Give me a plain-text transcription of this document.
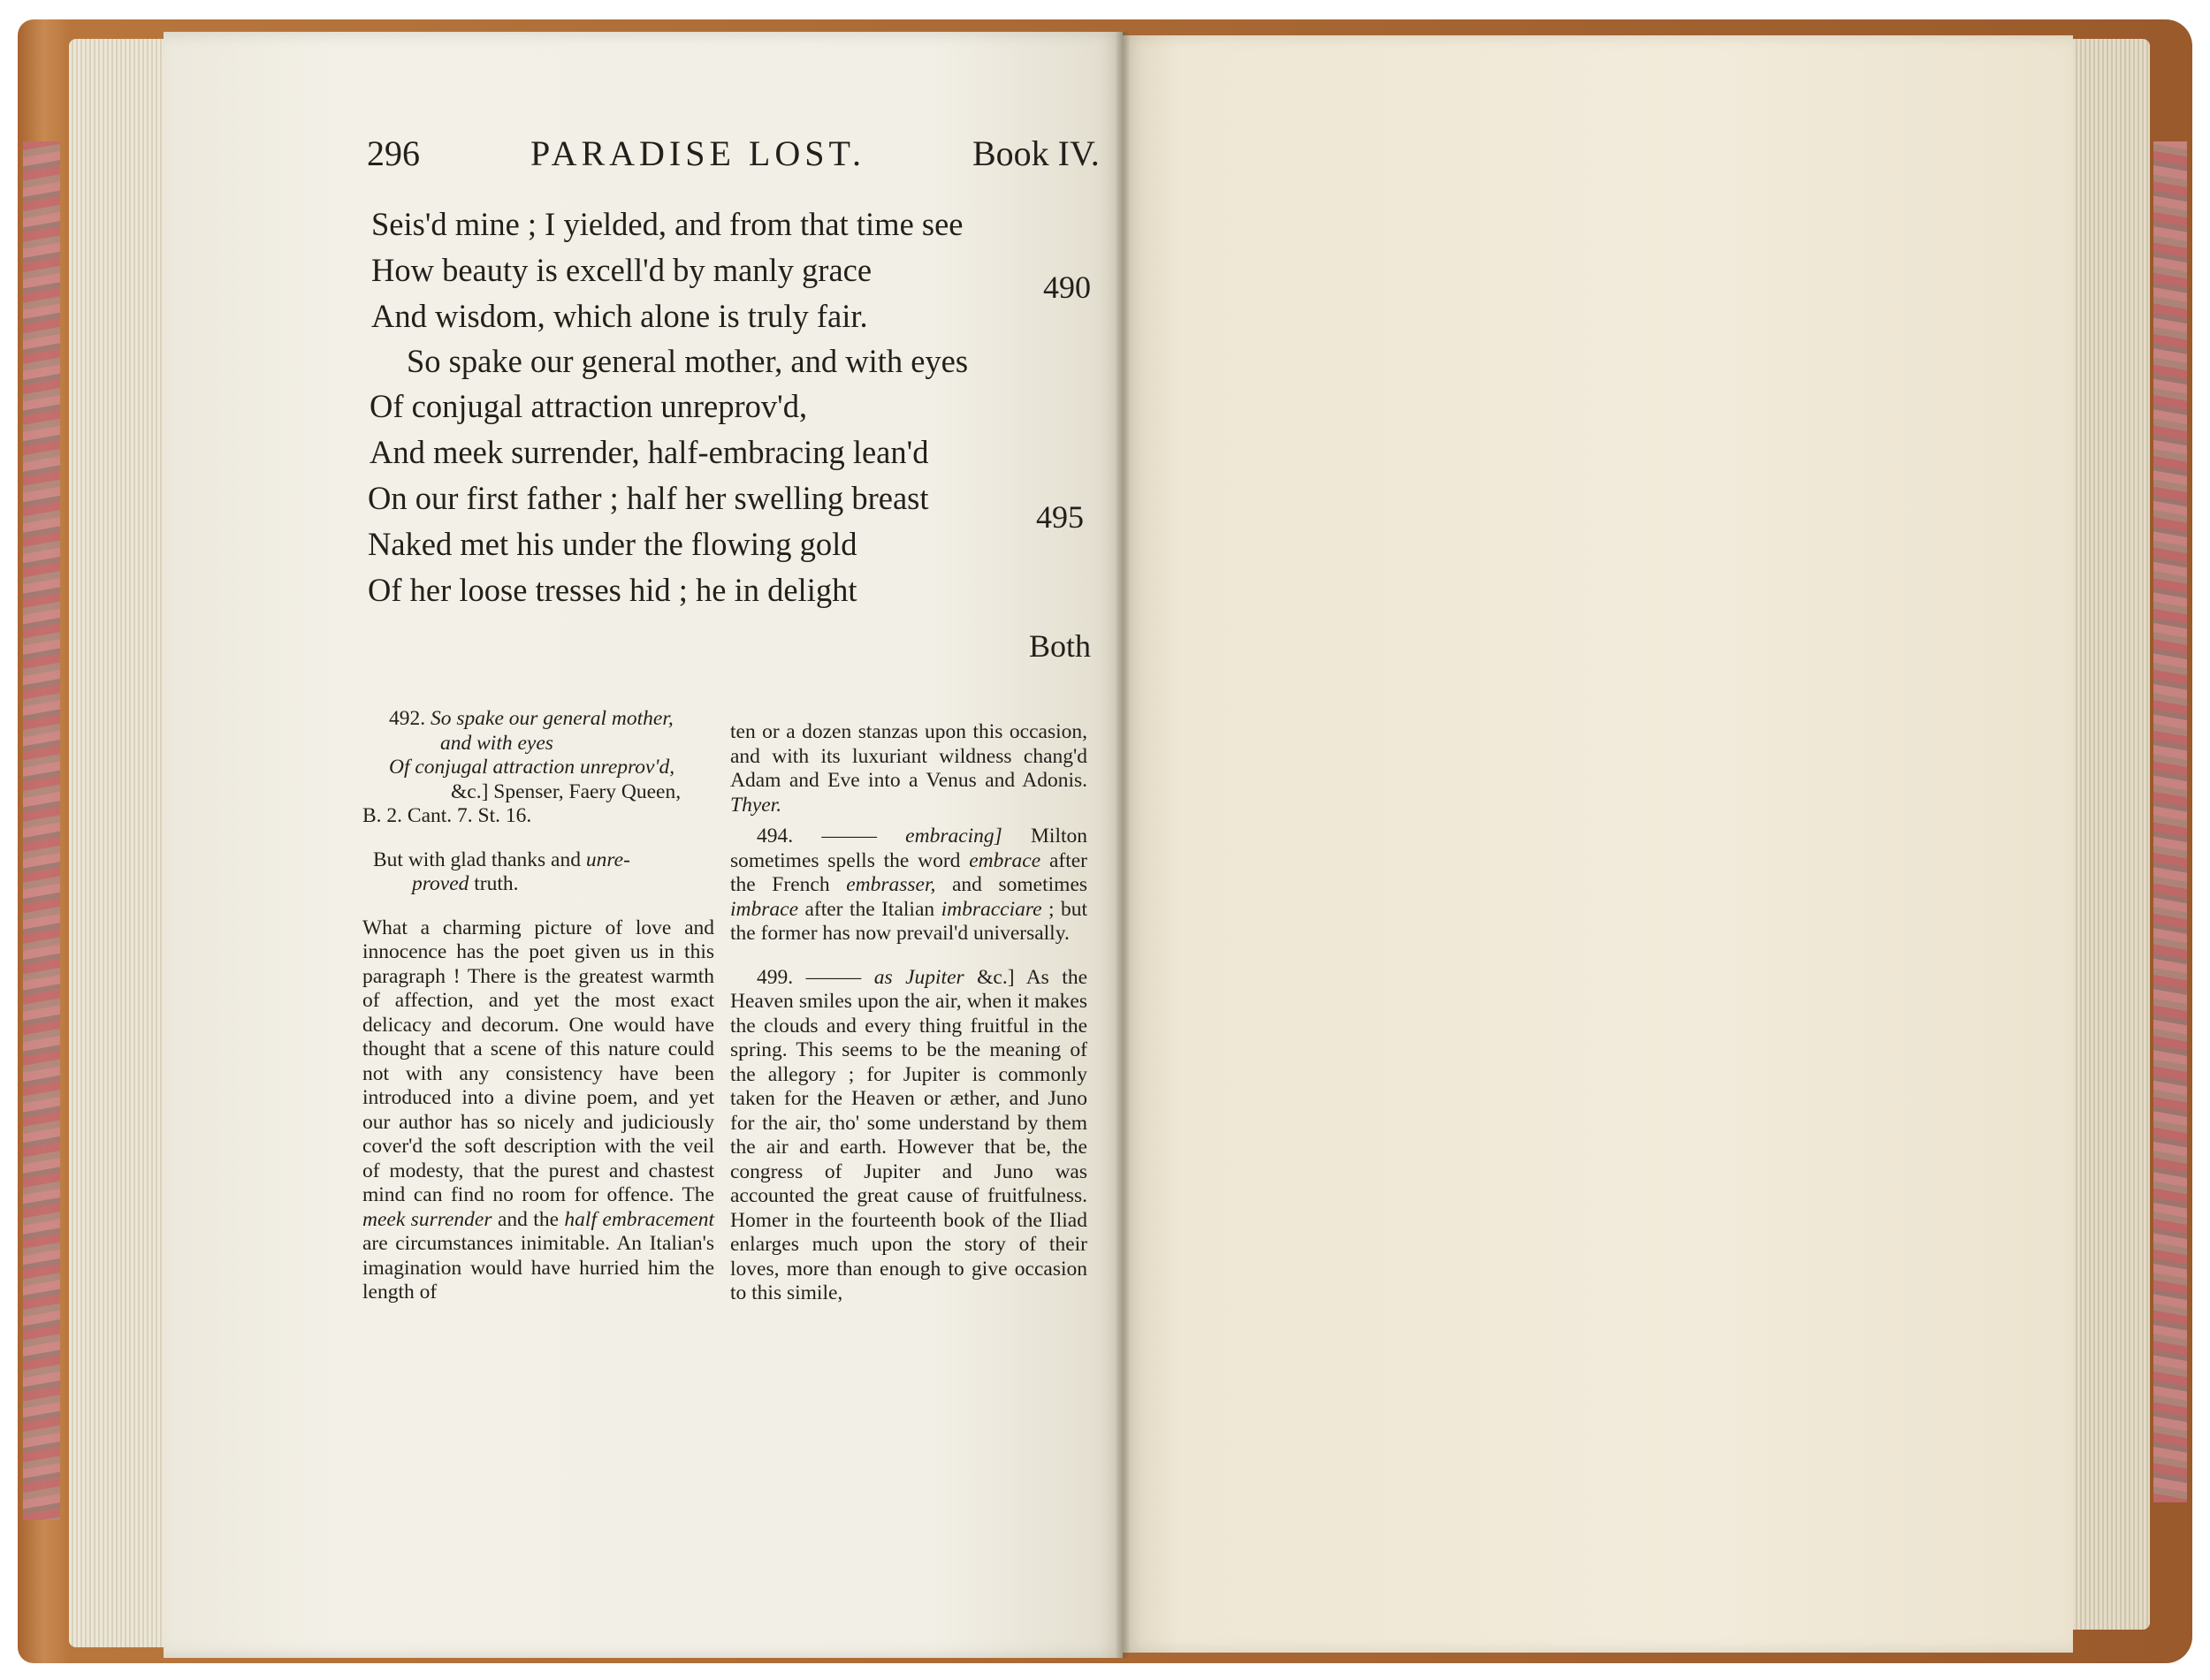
296	PARADISE LOST.	Book IV.
Seis'd mine ; I yielded, and from that time see
How beauty is excell'd by manly grace
And wisdom, which alone is truly fair.
So spake our general mother, and with eyes
Of conjugal attraction unreprov'd,
And meek surrender, half-embracing lean'd
On our first father ; half her swelling breast
Naked met his under the flowing gold
Of her loose tresses hid ; he in delight
490
495
Both

492. So spake our general mother,

and with eyes

Of conjugal attraction unreprov'd,

&c.] Spenser, Faery Queen,

B. 2. Cant. 7. St. 16.

But with glad thanks and unre-

proved truth.

What a charming picture of love and innocence has the poet given us in this paragraph ! There is the greatest warmth of affection, and yet the most exact delicacy and decorum. One would have thought that a scene of this nature could not with any consistency have been introduced into a divine poem, and yet our author has so nicely and judiciously cover'd the soft description with the veil of modesty, that the purest and chastest mind can find no room for offence. The meek surrender and the half embracement are circumstances inimitable. An Italian's imagination would have hurried him the length of

ten or a dozen stanzas upon this occasion, and with its luxuriant wildness chang'd Adam and Eve into a Venus and Adonis. Thyer.

494. ——— embracing] Milton sometimes spells the word embrace after the French embrasser, and sometimes imbrace after the Italian imbracciare ; but the former has now prevail'd universally.

499. ——— as Jupiter &c.] As the Heaven smiles upon the air, when it makes the clouds and every thing fruitful in the spring. This seems to be the meaning of the allegory ; for Jupiter is commonly taken for the Heaven or æther, and Juno for the air, tho' some understand by them the air and earth. However that be, the congress of Jupiter and Juno was accounted the great cause of fruitfulness. Homer in the fourteenth book of the Iliad enlarges much upon the story of their loves, more than enough to give occasion to this simile,
